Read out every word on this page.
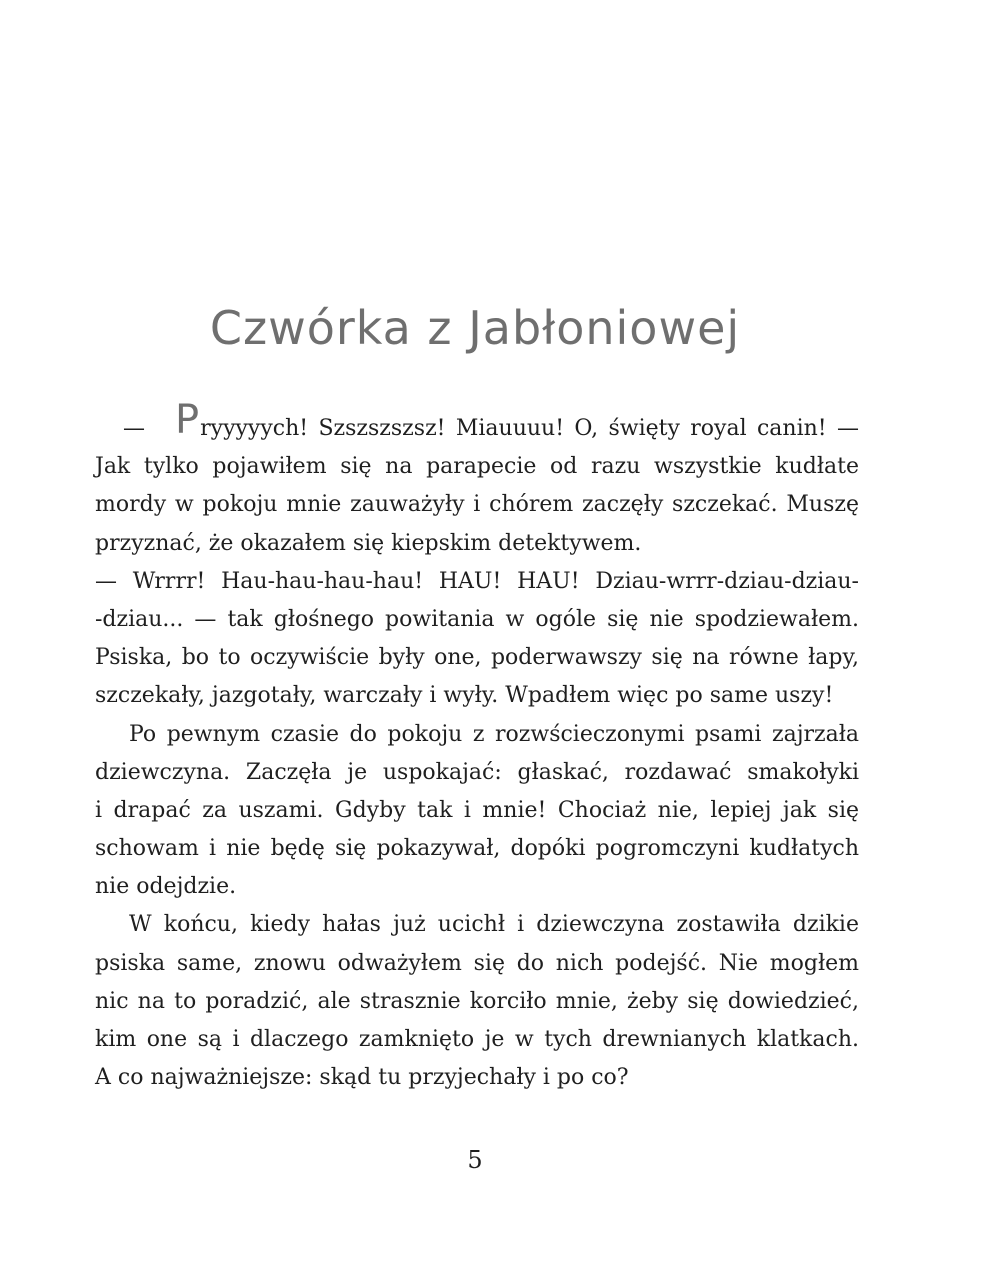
Czwórka z Jabłoniowej
— Pryyyyych! Szszszszsz! Miauuuu! O, święty royal canin! —
Jak tylko pojawiłem się na parapecie od razu wszystkie kudłate
mordy w pokoju mnie zauważyły i chórem zaczęły szczekać. Muszę
przyznać, że okazałem się kiepskim detektywem.
— Wrrrr! Hau-hau-hau-hau! HAU! HAU! Dziau-wrrr-dziau-dziau-
-dziau... — tak głośnego powitania w ogóle się nie spodziewałem.
Psiska, bo to oczywiście były one, poderwawszy się na równe łapy,
szczekały, jazgotały, warczały i wyły. Wpadłem więc po same uszy!
Po pewnym czasie do pokoju z rozwścieczonymi psami zajrzała
dziewczyna. Zaczęła je uspokajać: głaskać, rozdawać smakołyki
i drapać za uszami. Gdyby tak i mnie! Chociaż nie, lepiej jak się
schowam i nie będę się pokazywał, dopóki pogromczyni kudłatych
nie odejdzie.
W końcu, kiedy hałas już ucichł i dziewczyna zostawiła dzikie
psiska same, znowu odważyłem się do nich podejść. Nie mogłem
nic na to poradzić, ale strasznie korciło mnie, żeby się dowiedzieć,
kim one są i dlaczego zamknięto je w tych drewnianych klatkach.
A co najważniejsze: skąd tu przyjechały i po co?
5
